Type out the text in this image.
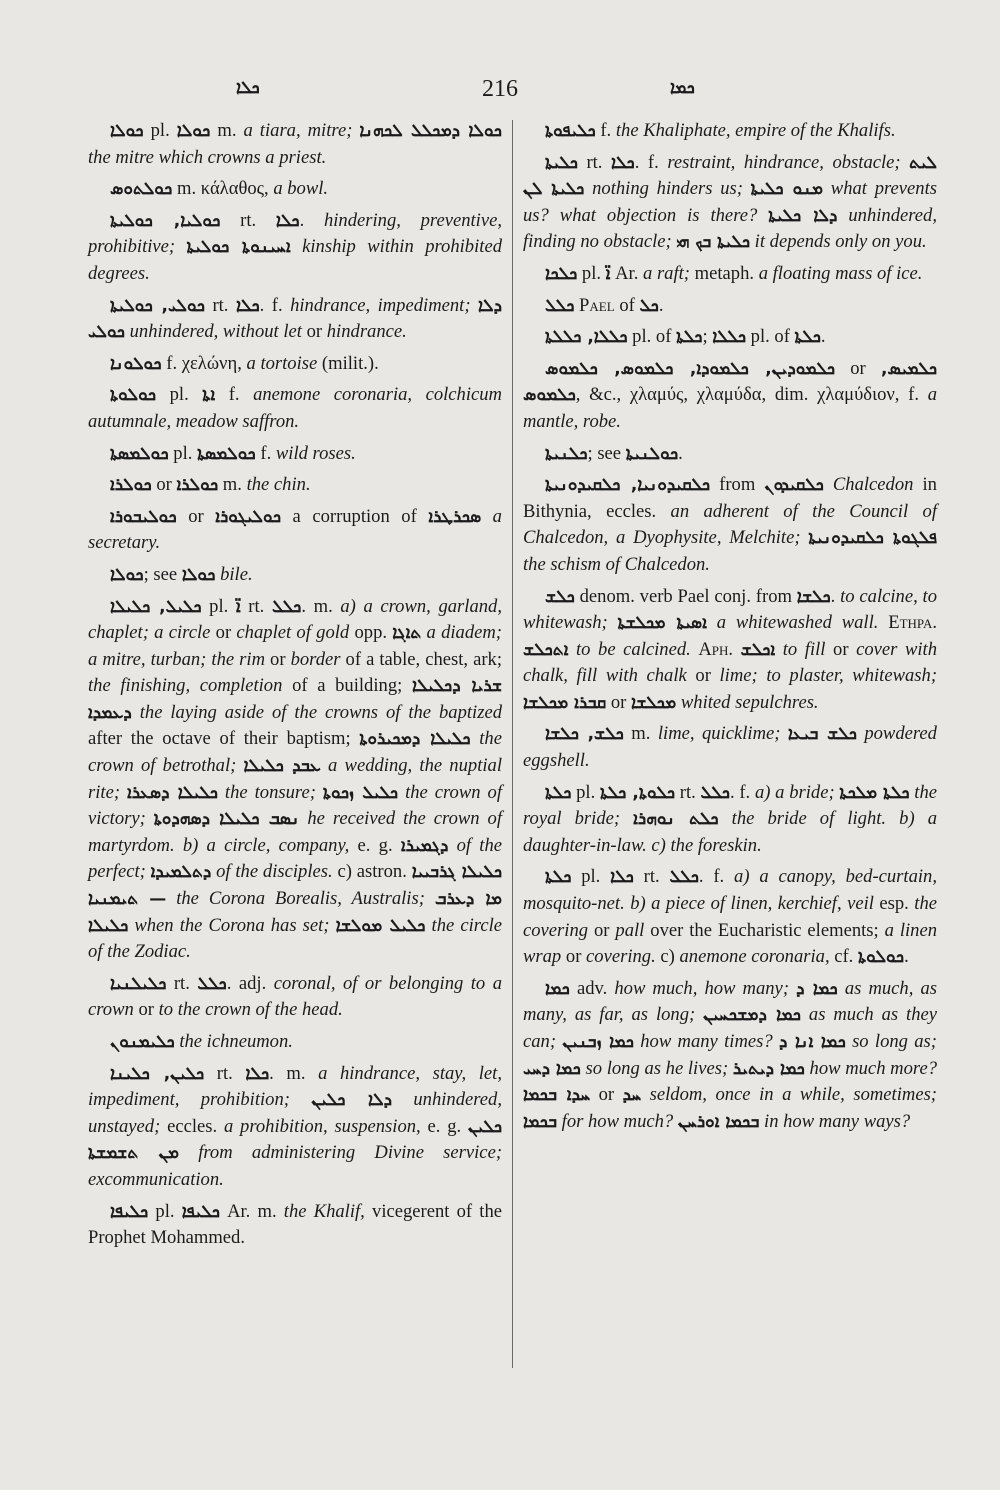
ܟܠܐ	216	ܟܡܐ

ܟܘܠܐ pl. ܟܘܠܐ m. a tiara, mitre; ܟܘܠܐ ܕܡܟܠܠ ܠܟܗܢܐ the mitre which crowns a priest.

ܟܘܠܬܘܣ m. κάλαθος, a bowl.

ܟܘܠܝܐ, ܟܘܠܝܬܐ rt. ܟܠܐ. hindering, preventive, prohibitive; ܐܚܝܢܘܬܐ ܟܘܠܝܬܐ kinship within prohibited degrees.

ܟܘܠܝ, ܟܘܠܝܬܐ rt. ܟܠܐ. f. hindrance, impediment; ܕܠܐ ܟܘܠܝ unhindered, without let or hindrance.

ܟܘܠܘܢܐ f. χελώνη, a tortoise (milit.).

ܟܘܠܘܬܐ pl. ܐܬܐ f. anemone coronaria, colchicum autumnale, meadow saffron.

ܟܘܠܡܣܬܐ pl. ܟܘܠܡܣܬܐ f. wild roses.

ܟܘܠܪܐ or ܟܘܠܪܐ m. the chin.

ܟܘܠܝܒܘܪܐ or ܟܘܠܝܓܘܪܐ a corruption of ܣܟܪܛܪܐ a secretary.

ܟܘܠܐ; see ܟܘܠܐ bile.

ܟܠܝܠ, ܟܠܝܠܐ pl. ܐ̈ rt. ܟܠܠ. m. a) a crown, garland, chaplet; a circle or chaplet of gold opp. ܬܐܓܐ a diadem; a mitre, turban; the rim or border of a table, chest, ark; the finishing, completion of a building; ܫܪܝܐ ܕܟܠܝܠܐ ܕܥܡܕܐ the laying aside of the crowns of the baptized after the octave of their baptism; ܟܠܝܠܐ ܕܡܟܝܪܘܬܐ the crown of betrothal; ܥܒܕ ܟܠܝܠܐ a wedding, the nuptial rite; ܟܠܝܠܐ ܕܣܥܪܐ the tonsure; ܟܠܝܠ ܙܟܘܬܐ the crown of victory; ܢܣܒ ܟܠܝܠܐ ܕܣܗܕܘܬܐ he received the crown of martyrdom. b) a circle, company, e. g. ܕܓܡܝܪܐ of the perfect; ܕܬܠܡܝܕܐ of the disciples. c) astron. ܟܠܝܠܐ ܓܪܒܝܝܐ — ܬܝܡܢܝܐ the Corona Borealis, Australis; ܡܐ ܕܥܪܒ ܟܠܝܠܐ when the Corona has set; ܟܠܝܠ ܡܘܠܫܐ the circle of the Zodiac.

ܟܠܝܠܢܝܐ rt. ܟܠܠ. adj. coronal, of or belonging to a crown or to the crown of the head.

ܟܠܝܡܢܘܢ the ichneumon.

ܟܠܝܢ, ܟܠܝܢܐ rt. ܟܠܐ. m. a hindrance, stay, let, impediment, prohibition; ܕܠܐ ܟܠܝܢ unhindered, unstayed; eccles. a prohibition, suspension, e. g. ܟܠܝܢ ܡܢ ܬܫܡܫܬܐ from administering Divine service; excommunication.

ܟܠܝܦܐ pl. ܟܠܝܦܐ Ar. m. the Khalif, vicegerent of the Prophet Mohammed.

ܟܠܝܦܘܬܐ f. the Khaliphate, empire of the Khalifs.

ܟܠܝܬܐ rt. ܟܠܐ. f. restraint, hindrance, obstacle; ܠܝܬ ܟܠܝܬܐ ܠܢ nothing hinders us; ܡܢܘ ܟܠܝܬܐ what prevents us? what objection is there? ܕܠܐ ܟܠܝܬܐ unhindered, finding no obstacle; ܟܠܝܬܐ ܒܟ ܗܝ it depends only on you.

ܟܠܟܐ pl. ܐ̈ Ar. a raft; metaph. a floating mass of ice.

ܟܠܠ Pael of ܟܠ.

ܟܠܠܐ, ܟܠܠܬܐ pl. of ܟܠܬܐ; ܟܠܠܐ pl. of ܟܠܬܐ.

ܟܠܡܘܕܝܢ, ܟܠܡܘܕܐ, ܟܠܡܘܣ, ܟܠܡܘܣ or ܟܠܡܝܣ, ܟܠܡܘܣ, &c., χλαμύς, χλαμύδα, dim. χλαμύδιον, f. a mantle, robe.

ܟܠܢܝܬܐ; see ܟܘܠܢܝܬܐ.

ܟܠܩܝܕܘܢܝܐ, ܟܠܩܝܕܘܢܝܬܐ from ܟܠܩܝܕܘܢ Chalcedon in Bithynia, eccles. an adherent of the Council of Chalcedon, a Dyophysite, Melchite; ܦܠܓܘܬܐ ܟܠܩܝܕܘܢܝܬܐ the schism of Chalcedon.

ܟܠܫ denom. verb Pael conj. from ܟܠܫܐ. to calcine, to whitewash; ܐܣܝܬܐ ܡܟܠܫܬܐ a whitewashed wall. Ethpa. ܐܬܟܠܫ to be calcined. Aph. ܐܟܠܫ to fill or cover with chalk, fill with chalk or lime; to plaster, whitewash; ܩܒܪܐ ܡܟܠܫܐ or ܡܟܠܫܐ whited sepulchres.

ܟܠܫ, ܟܠܫܐ m. lime, quicklime; ܟܠܫ ܒܝܥܐ powdered eggshell.

ܟܠܬܐ pl. ܟܠܘܬܐ, ܟܠܬܐ rt. ܟܠܠ. f. a) a bride; ܟܠܬܐ ܡܠܟܬܐ the royal bride; ܟܠܬ ܢܘܗܪܐ the bride of light. b) a daughter-in-law. c) the foreskin.

ܟܠܬܐ pl. ܟܠܐ rt. ܟܠܠ. f. a) a canopy, bed-curtain, mosquito-net. b) a piece of linen, kerchief, veil esp. the covering or pall over the Eucharistic elements; a linen wrap or covering. c) anemone coronaria, cf. ܟܘܠܘܬܐ.

ܟܡܐ adv. how much, how many; ܟܡܐ ܕ as much, as many, as far, as long; ܟܡܐ ܕܡܫܟܚܝܢ as much as they can; ܟܡܐ ܙܒܢܝܢ how many times? ܟܡܐ ܐܢܐ ܕ so long as; ܟܡܐ ܕܚܝ so long as he lives; ܟܡܐ ܕܝܬܝܪ how much more? ܚܕܐ ܒܟܡܐ or ܚܕ seldom, once in a while, sometimes; ܒܟܡܐ for how much? ܒܟܡܐ ܐܘܪܚܢ in how many ways?
